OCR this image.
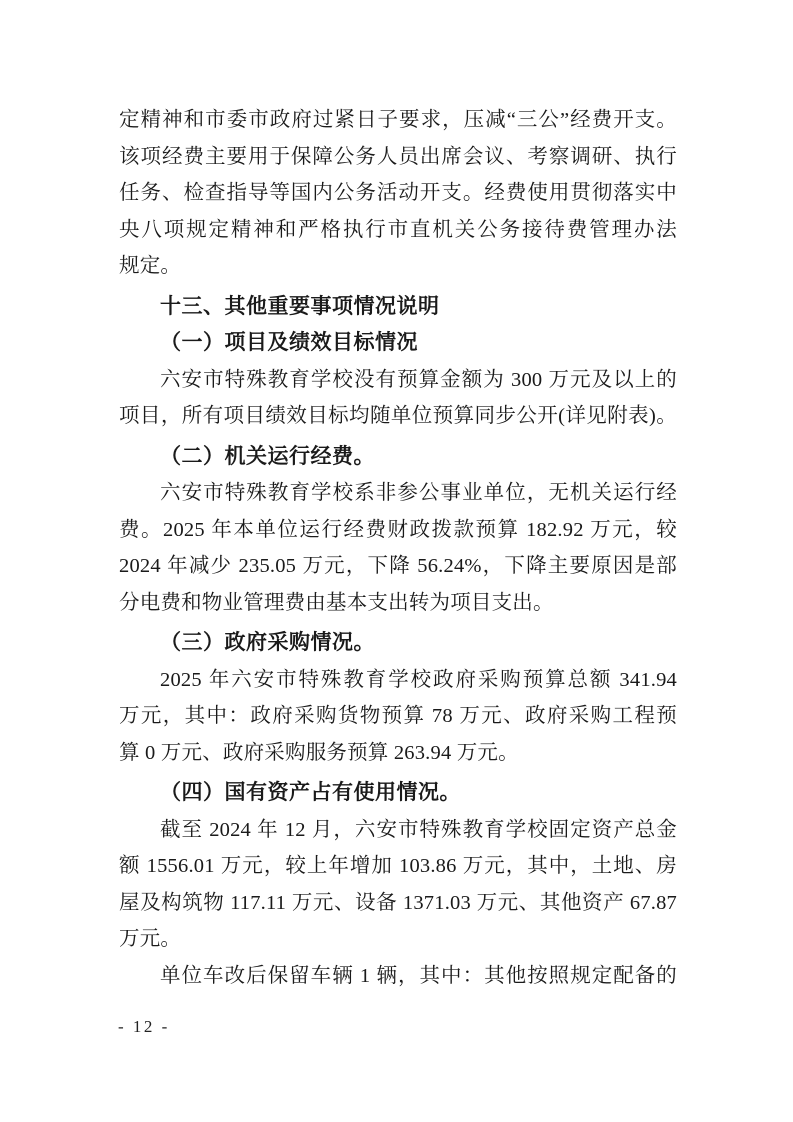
定精神和市委市政府过紧日子要求，压减“三公”经费开支。
该项经费主要用于保障公务人员出席会议、考察调研、执行
任务、检查指导等国内公务活动开支。经费使用贯彻落实中
央八项规定精神和严格执行市直机关公务接待费管理办法
规定。
十三、其他重要事项情况说明
（一）项目及绩效目标情况
六安市特殊教育学校没有预算金额为 300 万元及以上的
项目，所有项目绩效目标均随单位预算同步公开(详见附表)。
（二）机关运行经费。
六安市特殊教育学校系非参公事业单位，无机关运行经
费。2025 年本单位运行经费财政拨款预算 182.92 万元，较
2024 年减少 235.05 万元，下降 56.24%，下降主要原因是部
分电费和物业管理费由基本支出转为项目支出。
（三）政府采购情况。
2025 年六安市特殊教育学校政府采购预算总额 341.94
万元，其中：政府采购货物预算 78 万元、政府采购工程预
算 0 万元、政府采购服务预算 263.94 万元。
（四）国有资产占有使用情况。
截至 2024 年 12 月，六安市特殊教育学校固定资产总金
额 1556.01 万元，较上年增加 103.86 万元，其中，土地、房
屋及构筑物 117.11 万元、设备 1371.03 万元、其他资产 67.87
万元。
单位车改后保留车辆 1 辆，其中：其他按照规定配备的
- 12 -
